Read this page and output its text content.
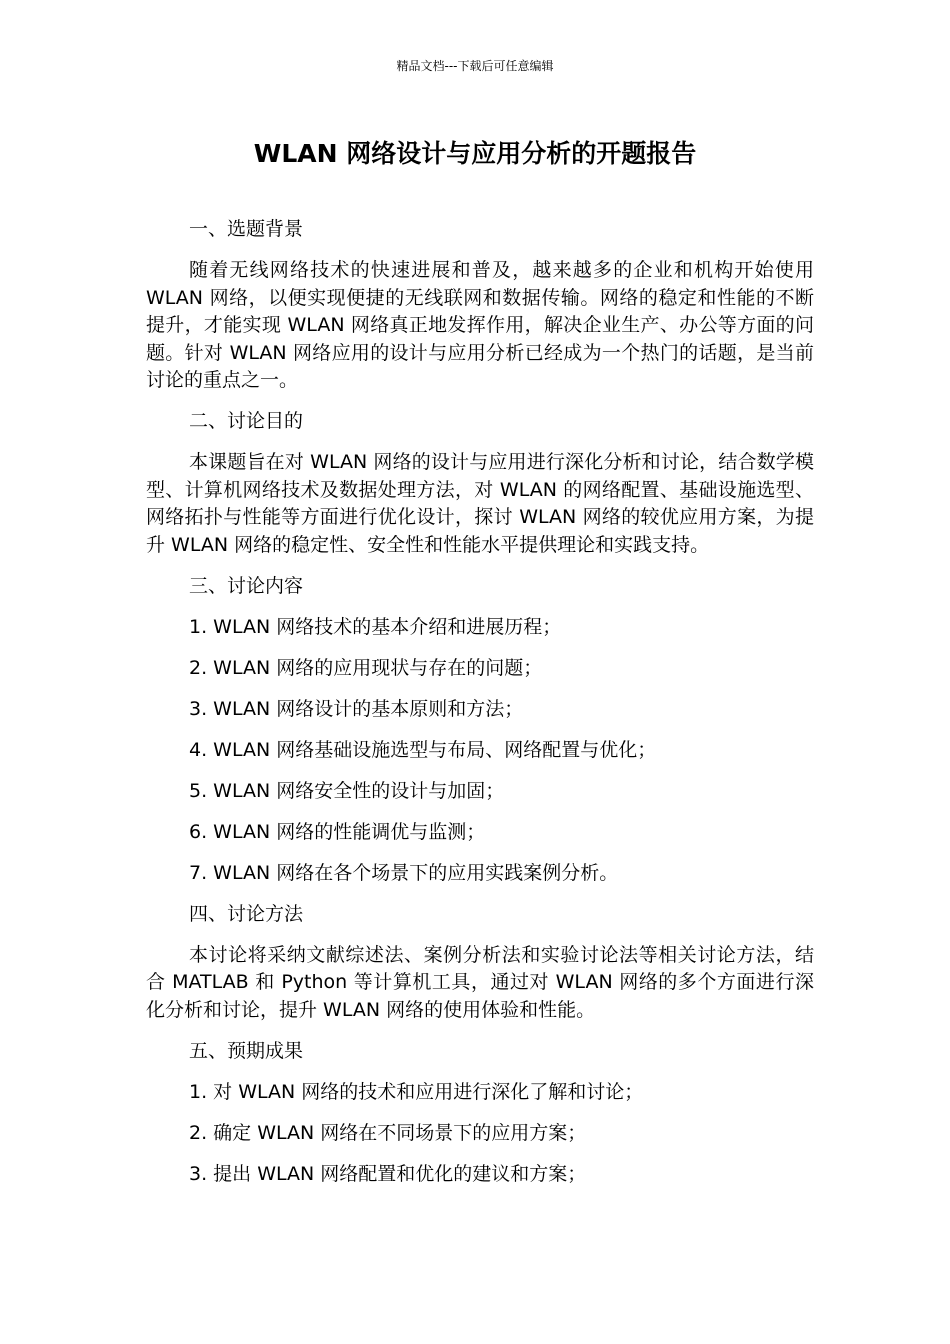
精品文档---下载后可任意编辑
WLAN 网络设计与应用分析的开题报告

一、选题背景

随着无线网络技术的快速进展和普及，越来越多的企业和机构开始使用 WLAN 网络，以便实现便捷的无线联网和数据传输。网络的稳定和性能的不断提升，才能实现 WLAN 网络真正地发挥作用，解决企业生产、办公等方面的问题。针对 WLAN 网络应用的设计与应用分析已经成为一个热门的话题，是当前讨论的重点之一。

二、讨论目的

本课题旨在对 WLAN 网络的设计与应用进行深化分析和讨论，结合数学模型、计算机网络技术及数据处理方法，对 WLAN 的网络配置、基础设施选型、网络拓扑与性能等方面进行优化设计，探讨 WLAN 网络的较优应用方案，为提升 WLAN 网络的稳定性、安全性和性能水平提供理论和实践支持。

三、讨论内容

1. WLAN 网络技术的基本介绍和进展历程；

2. WLAN 网络的应用现状与存在的问题；

3. WLAN 网络设计的基本原则和方法；

4. WLAN 网络基础设施选型与布局、网络配置与优化；

5. WLAN 网络安全性的设计与加固；

6. WLAN 网络的性能调优与监测；

7. WLAN 网络在各个场景下的应用实践案例分析。

四、讨论方法

本讨论将采纳文献综述法、案例分析法和实验讨论法等相关讨论方法，结合 MATLAB 和 Python 等计算机工具，通过对 WLAN 网络的多个方面进行深化分析和讨论，提升 WLAN 网络的使用体验和性能。

五、预期成果

1. 对 WLAN 网络的技术和应用进行深化了解和讨论；

2. 确定 WLAN 网络在不同场景下的应用方案；

3. 提出 WLAN 网络配置和优化的建议和方案；
